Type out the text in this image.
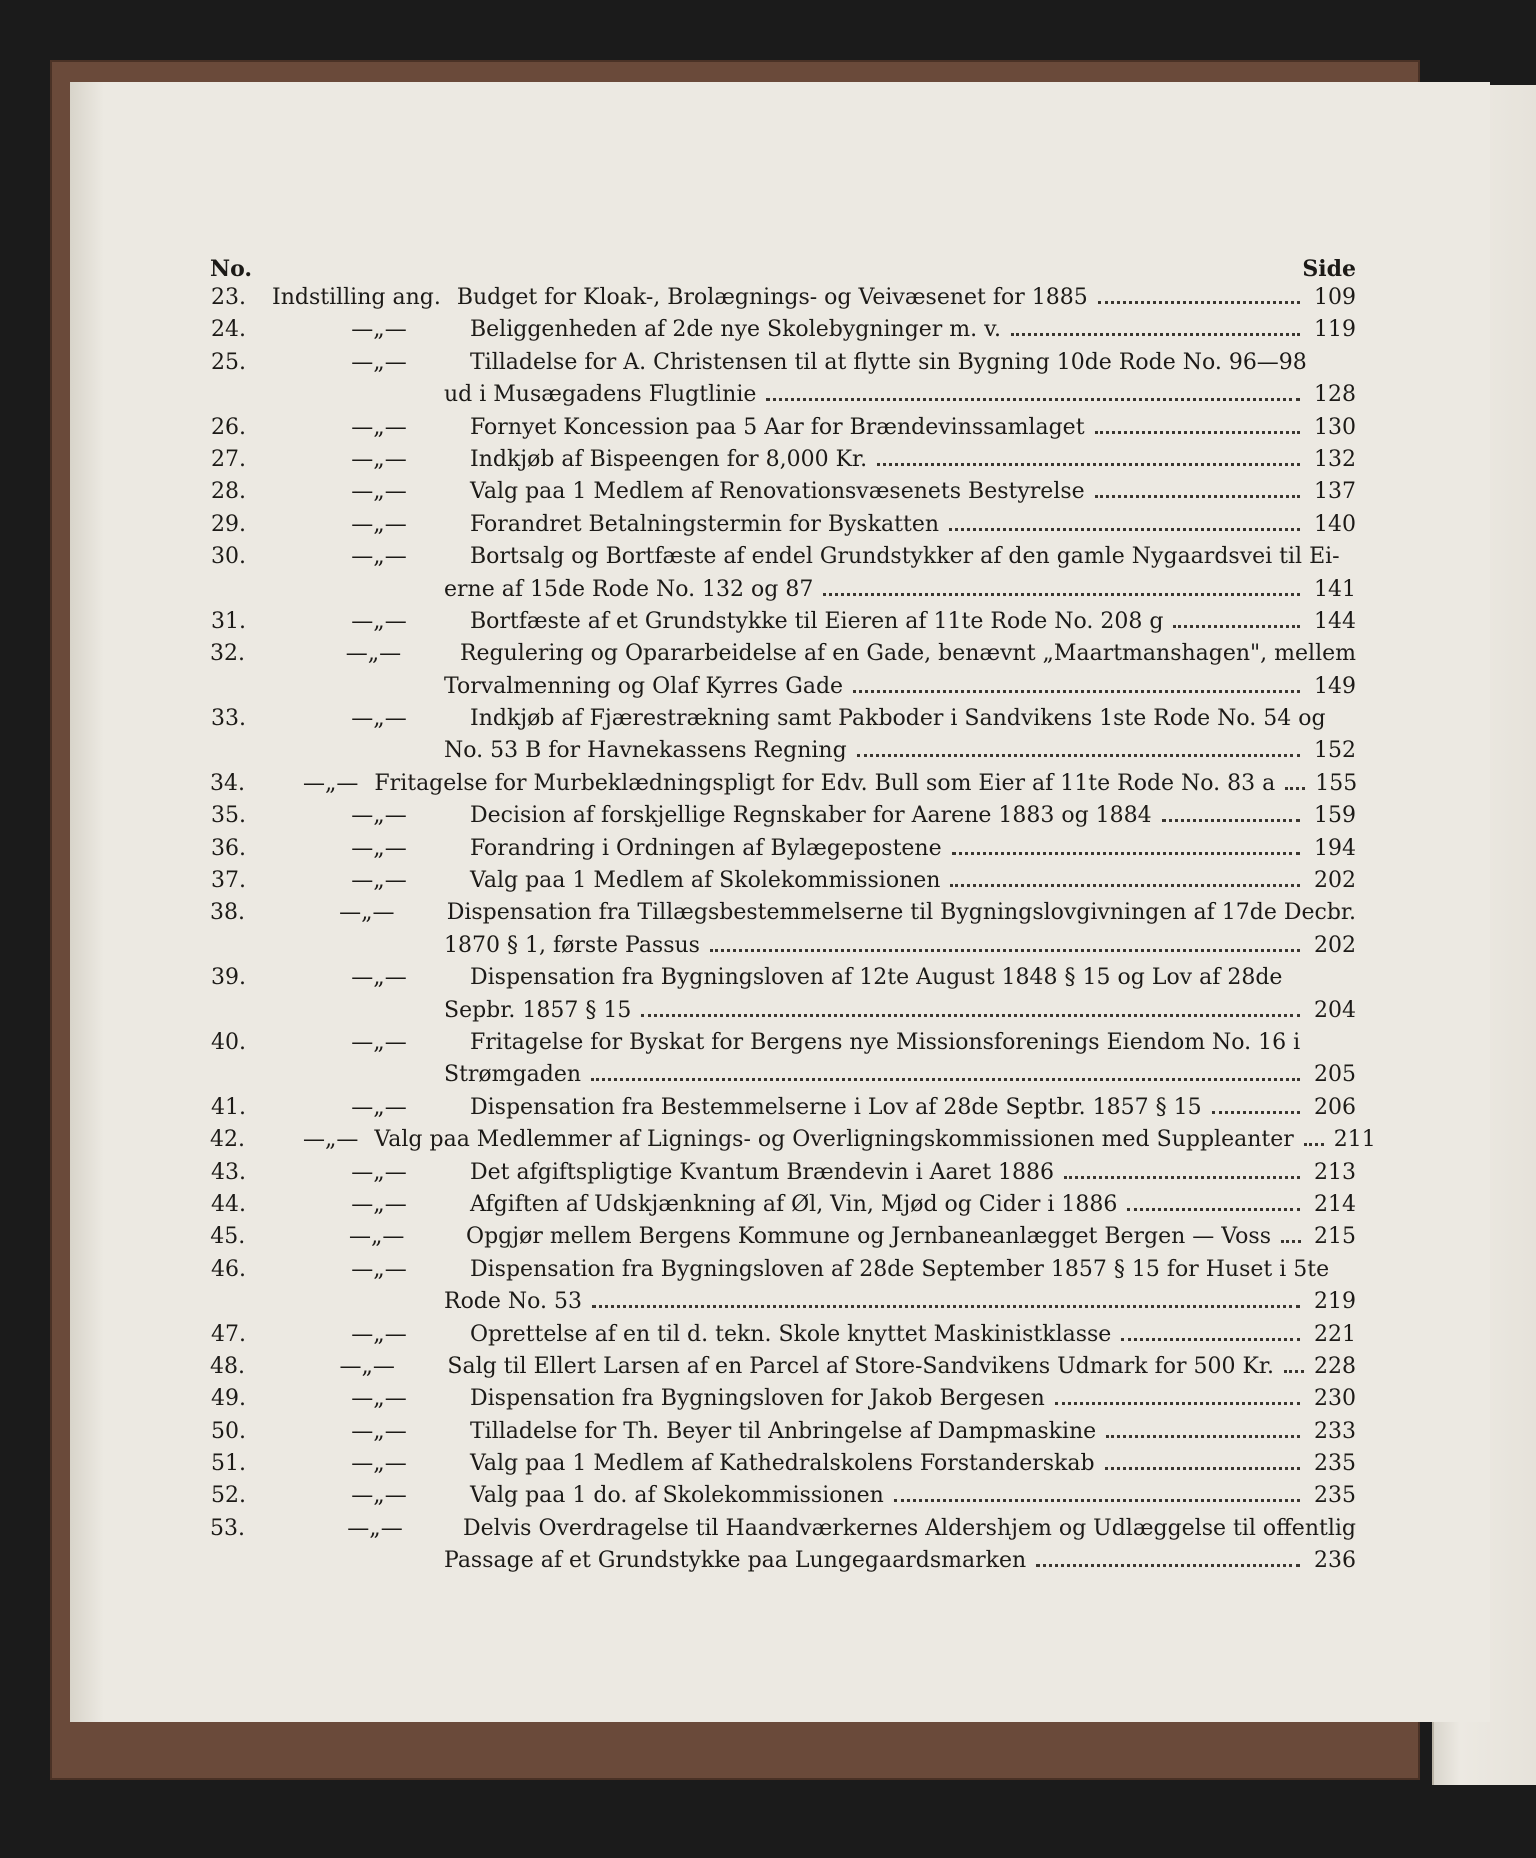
No.	Side
23. Indstilling ang. Budget for Kloak-, Brolægnings- og Veivæsenet for 1885	109
24.	—„—	Beliggenheden af 2de nye Skolebygninger m. v.	119
25.	—„—	Tilladelse for A. Christensen til at flytte sin Bygning 10de Rode No. 96—98
ud i Musægadens Flugtlinie	128
26.	—„—	Fornyet Koncession paa 5 Aar for Brændevinssamlaget	130
27.	—„—	Indkjøb af Bispeengen for 8,000 Kr.	132
28.	—„—	Valg paa 1 Medlem af Renovationsvæsenets Bestyrelse	137
29.	—„—	Forandret Betalningstermin for Byskatten	140
30.	—„—	Bortsalg og Bortfæste af endel Grundstykker af den gamle Nygaardsvei til Ei-
erne af 15de Rode No. 132 og 87	141
31.	—„—	Bortfæste af et Grundstykke til Eieren af 11te Rode No. 208 g	144
32.	—„—	Regulering og Opararbeidelse af en Gade, benævnt „Maartmanshagen", mellem
Torvalmenning og Olaf Kyrres Gade	149
33.	—„—	Indkjøb af Fjærestrækning samt Pakboder i Sandvikens 1ste Rode No. 54 og
No. 53 B for Havnekassens Regning	152
34.	—„— Fritagelse for Murbeklædningspligt for Edv. Bull som Eier af 11te Rode No. 83 a 155
35.	—„—	Decision af forskjellige Regnskaber for Aarene 1883 og 1884	159
36.	—„—	Forandring i Ordningen af Bylægepostene	194
37.	—„—	Valg paa 1 Medlem af Skolekommissionen	202
38.	—„—	Dispensation fra Tillægsbestemmelserne til Bygningslovgivningen af 17de Decbr.
1870 § 1, første Passus	202
39.	—„—	Dispensation fra Bygningsloven af 12te August 1848 § 15 og Lov af 28de
Sepbr. 1857 § 15	204
40.	—„—	Fritagelse for Byskat for Bergens nye Missionsforenings Eiendom No. 16 i
Strømgaden	205
41.	—„—	Dispensation fra Bestemmelserne i Lov af 28de Septbr. 1857 § 15	206
42.	—„— Valg paa Medlemmer af Lignings- og Overligningskommissionen med Suppleanter 211
43.	—„—	Det afgiftspligtige Kvantum Brændevin i Aaret 1886	213
44.	—„—	Afgiften af Udskjænkning af Øl, Vin, Mjød og Cider i 1886	214
45.	—„—	Opgjør mellem Bergens Kommune og Jernbaneanlægget Bergen — Voss 215
46.	—„—	Dispensation fra Bygningsloven af 28de September 1857 § 15 for Huset i 5te
Rode No. 53	219
47.	—„—	Oprettelse af en til d. tekn. Skole knyttet Maskinistklasse	221
48.	—„—	Salg til Ellert Larsen af en Parcel af Store-Sandvikens Udmark for 500 Kr. 228
49.	—„—	Dispensation fra Bygningsloven for Jakob Bergesen	230
50.	—„—	Tilladelse for Th. Beyer til Anbringelse af Dampmaskine	233
51.	—„—	Valg paa 1 Medlem af Kathedralskolens Forstanderskab	235
52.	—„—	Valg paa 1 do. af Skolekommissionen	235
53.	—„—	Delvis Overdragelse til Haandværkernes Aldershjem og Udlæggelse til offentlig
Passage af et Grundstykke paa Lungegaardsmarken	236
